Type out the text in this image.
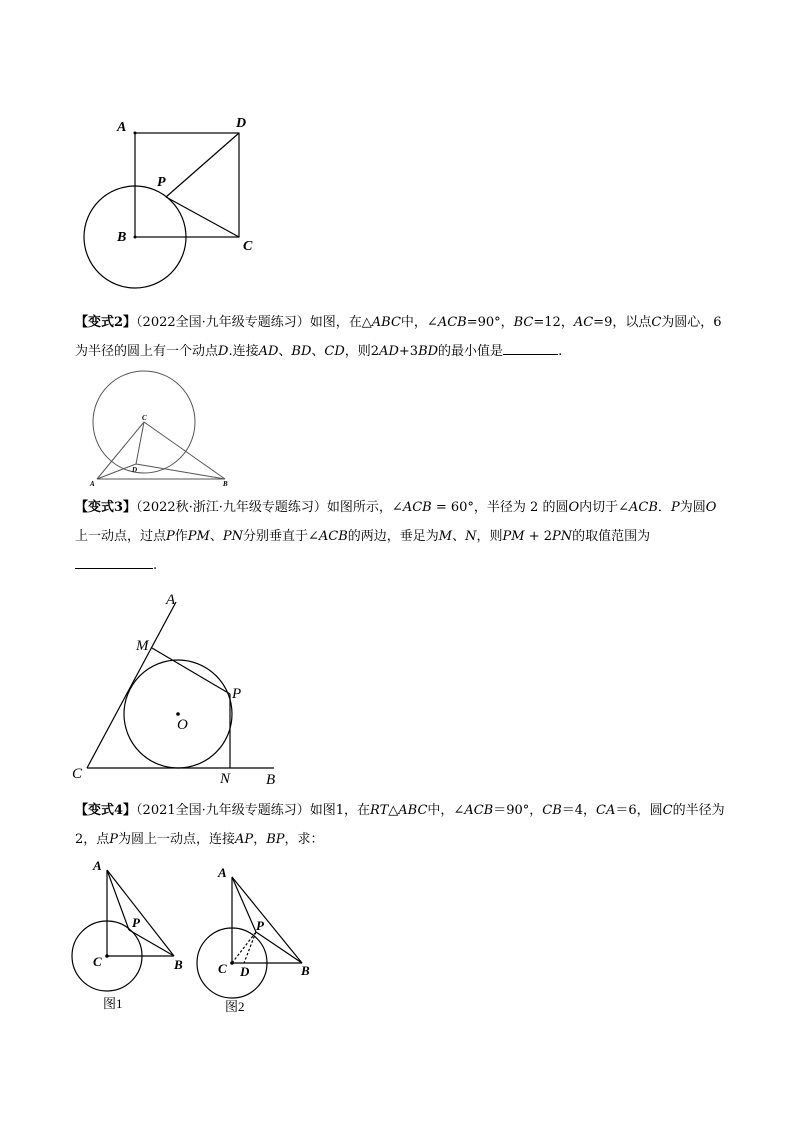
A	D
P
B
C

【变式2】（2022全国·九年级专题练习）如图，在△ABC中，∠ACB=90°，BC=12，AC=9，以点C为圆心，6为半径的圆上有一个动点D.连接AD、BD、CD，则2AD+3BD的最小值是	.

C
D
A	B

【变式3】（2022秋·浙江·九年级专题练习）如图所示，∠ACB = 60°，半径为 2 的圆O内切于∠ACB．P为圆O上一动点，过点P作PM、PN分别垂直于∠ACB的两边，垂足为M、N，则PM + 2PN的取值范围为 .

A
M
P
O
C	N B

【变式4】（2021全国·九年级专题练习）如图1，在RT△ABC中，∠ACB＝90°，CB＝4，CA＝6，圆C的半径为 2，点P为圆上一动点，连接AP，BP，求：

A
P
C	B
图1
A
P
C D	B
图2
